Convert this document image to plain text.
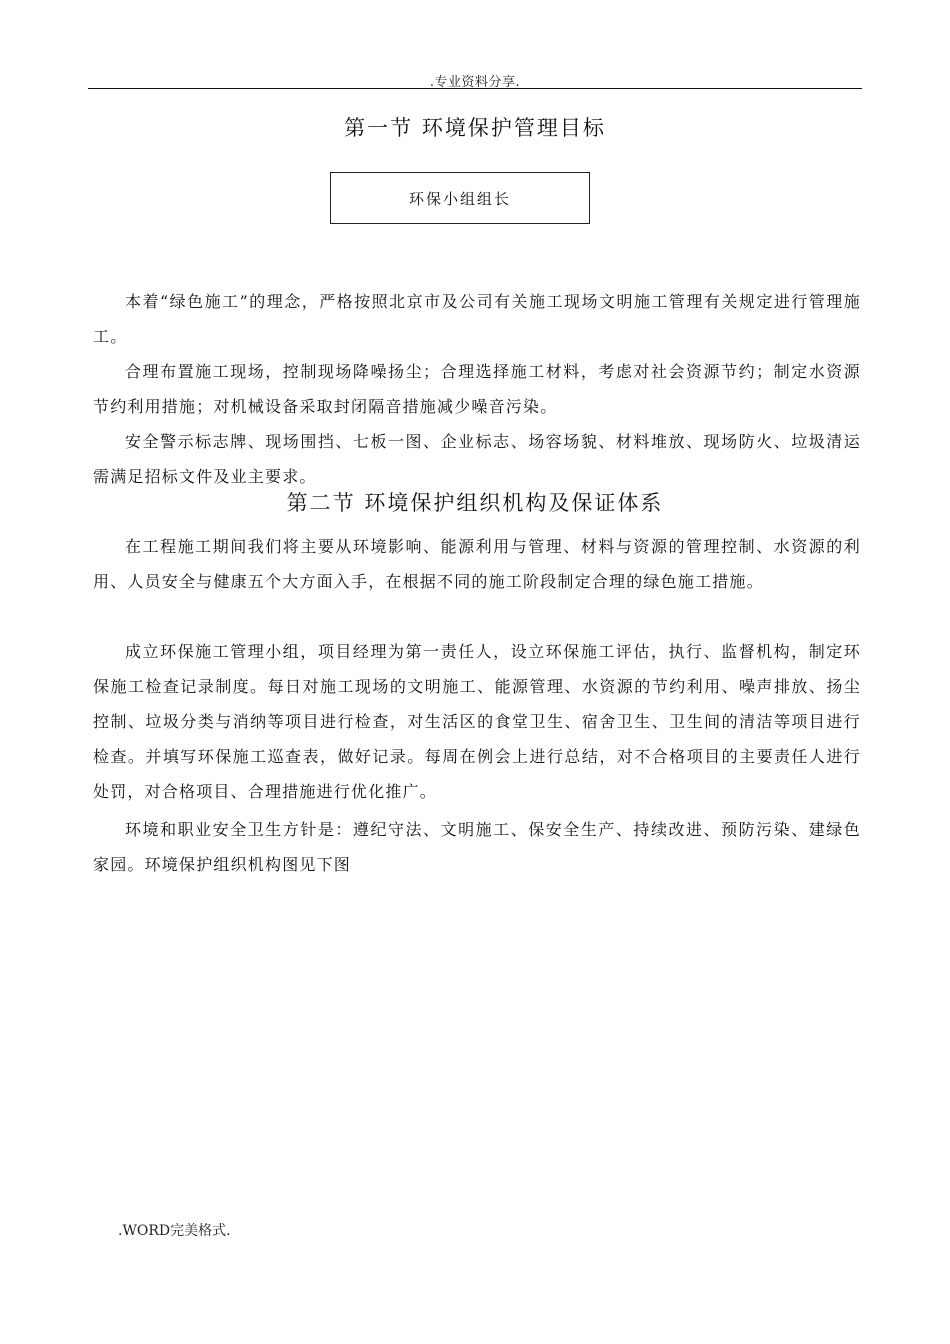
.专业资料分享.
第一节 环境保护管理目标
环保小组组长

本着“绿色施工”的理念，严格按照北京市及公司有关施工现场文明施工管理有关规定进行管理施工。

合理布置施工现场，控制现场降噪扬尘；合理选择施工材料，考虑对社会资源节约；制定水资源节约利用措施；对机械设备采取封闭隔音措施减少噪音污染。

安全警示标志牌、现场围挡、七板一图、企业标志、场容场貌、材料堆放、现场防火、垃圾清运需满足招标文件及业主要求。

第二节 环境保护组织机构及保证体系

在工程施工期间我们将主要从环境影响、能源利用与管理、材料与资源的管理控制、水资源的利用、人员安全与健康五个大方面入手，在根据不同的施工阶段制定合理的绿色施工措施。

成立环保施工管理小组，项目经理为第一责任人，设立环保施工评估，执行、监督机构，制定环保施工检查记录制度。每日对施工现场的文明施工、能源管理、水资源的节约利用、噪声排放、扬尘控制、垃圾分类与消纳等项目进行检查，对生活区的食堂卫生、宿舍卫生、卫生间的清洁等项目进行检查。并填写环保施工巡查表，做好记录。每周在例会上进行总结，对不合格项目的主要责任人进行处罚，对合格项目、合理措施进行优化推广。

环境和职业安全卫生方针是：遵纪守法、文明施工、保安全生产、持续改进、预防污染、建绿色家园。环境保护组织机构图见下图

.WORD完美格式.
